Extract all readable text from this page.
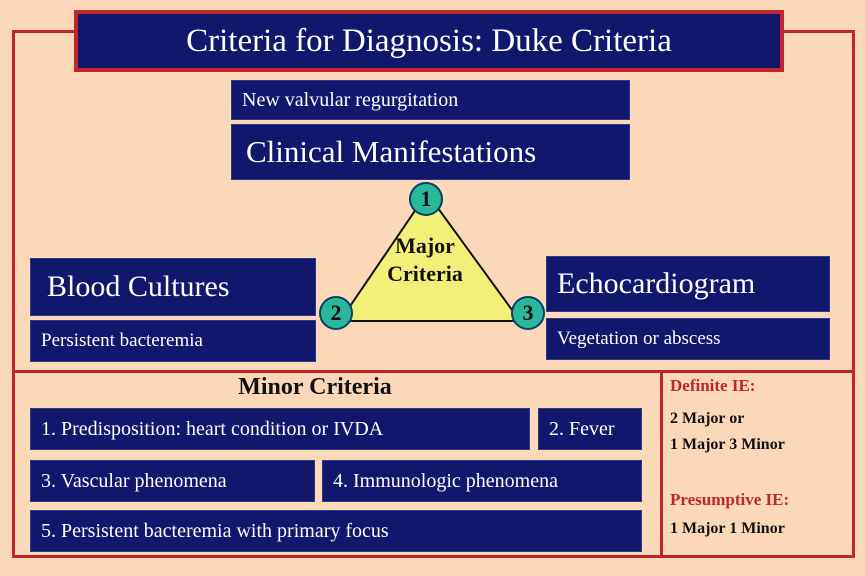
Criteria for Diagnosis: Duke Criteria
New valvular regurgitation
Clinical Manifestations
Blood Cultures
Persistent bacteremia
Echocardiogram
Vegetation or abscess
Major
Criteria
1
2	3
Minor Criteria
1. Predisposition: heart condition or IVDA	2. Fever
3. Vascular phenomena	4. Immunologic phenomena
5. Persistent bacteremia with primary focus
Definite IE:
2 Major or
1 Major 3 Minor
Presumptive IE:
1 Major 1 Minor
